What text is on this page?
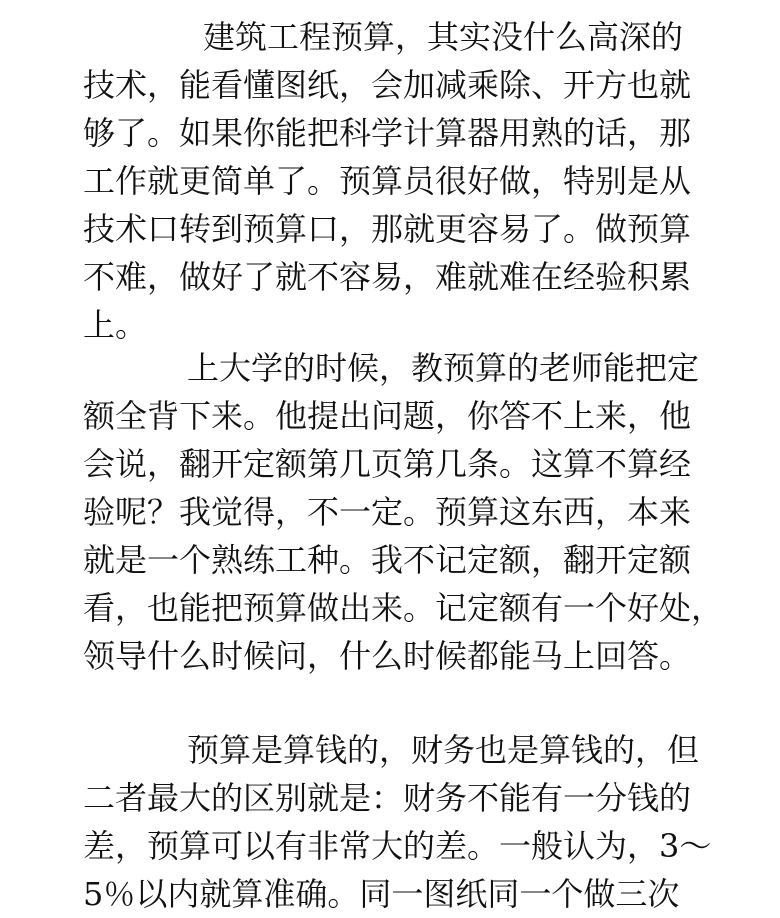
建筑工程预算，其实没什么高深的
技术，能看懂图纸，会加减乘除、开方也就
够了。如果你能把科学计算器用熟的话，那
工作就更简单了。预算员很好做，特别是从
技术口转到预算口，那就更容易了。做预算
不难，做好了就不容易，难就难在经验积累
上。
上大学的时候，教预算的老师能把定
额全背下来。他提出问题，你答不上来，他
会说，翻开定额第几页第几条。这算不算经
验呢？我觉得，不一定。预算这东西，本来
就是一个熟练工种。我不记定额，翻开定额
看，也能把预算做出来。记定额有一个好处，
领导什么时候问，什么时候都能马上回答。
预算是算钱的，财务也是算钱的，但
二者最大的区别就是：财务不能有一分钱的
差，预算可以有非常大的差。一般认为，3～
5％以内就算准确。同一图纸同一个做三次
